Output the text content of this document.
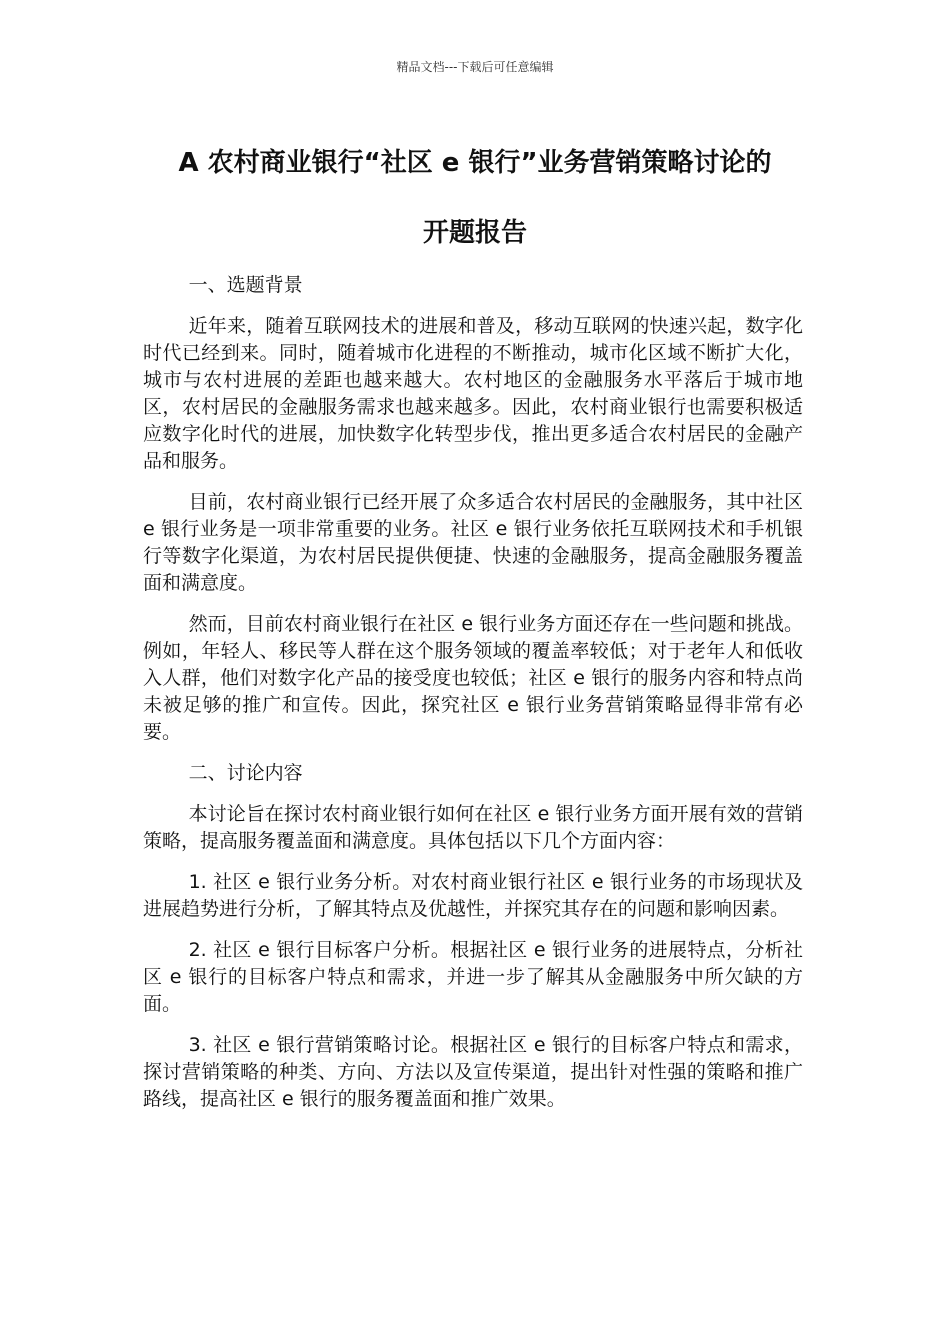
精品文档---下载后可任意编辑
A 农村商业银行“社区 e 银行”业务营销策略讨论的
开题报告

一、选题背景

近年来，随着互联网技术的进展和普及，移动互联网的快速兴起，数字化时代已经到来。同时，随着城市化进程的不断推动，城市化区域不断扩大化，城市与农村进展的差距也越来越大。农村地区的金融服务水平落后于城市地区，农村居民的金融服务需求也越来越多。因此，农村商业银行也需要积极适应数字化时代的进展，加快数字化转型步伐，推出更多适合农村居民的金融产品和服务。

目前，农村商业银行已经开展了众多适合农村居民的金融服务，其中社区 e 银行业务是一项非常重要的业务。社区 e 银行业务依托互联网技术和手机银行等数字化渠道，为农村居民提供便捷、快速的金融服务，提高金融服务覆盖面和满意度。

然而，目前农村商业银行在社区 e 银行业务方面还存在一些问题和挑战。例如，年轻人、移民等人群在这个服务领域的覆盖率较低；对于老年人和低收入人群，他们对数字化产品的接受度也较低；社区 e 银行的服务内容和特点尚未被足够的推广和宣传。因此，探究社区 e 银行业务营销策略显得非常有必要。

二、讨论内容

本讨论旨在探讨农村商业银行如何在社区 e 银行业务方面开展有效的营销策略，提高服务覆盖面和满意度。具体包括以下几个方面内容：

1. 社区 e 银行业务分析。对农村商业银行社区 e 银行业务的市场现状及进展趋势进行分析，了解其特点及优越性，并探究其存在的问题和影响因素。

2. 社区 e 银行目标客户分析。根据社区 e 银行业务的进展特点，分析社区 e 银行的目标客户特点和需求，并进一步了解其从金融服务中所欠缺的方面。

3. 社区 e 银行营销策略讨论。根据社区 e 银行的目标客户特点和需求，探讨营销策略的种类、方向、方法以及宣传渠道，提出针对性强的策略和推广路线，提高社区 e 银行的服务覆盖面和推广效果。
